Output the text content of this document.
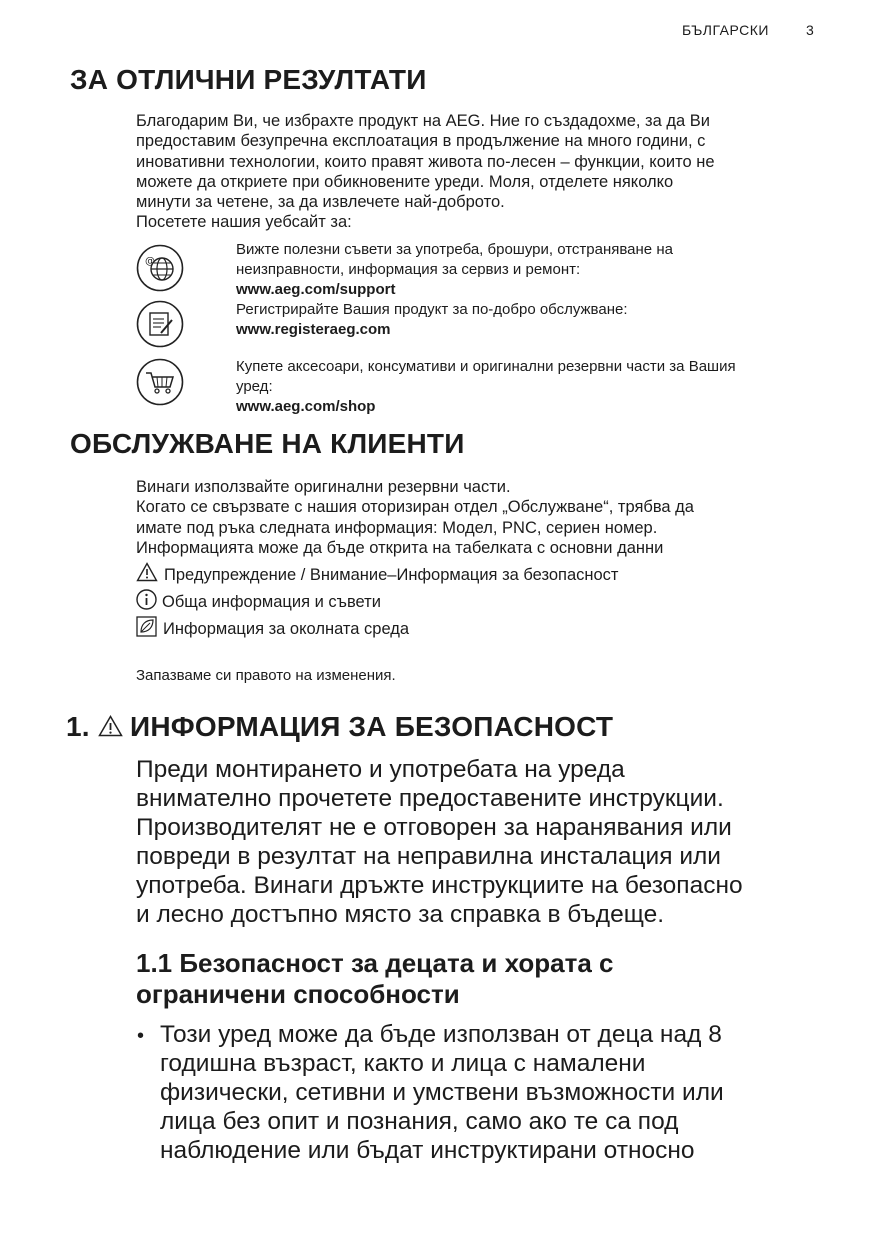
БЪЛГАРСКИ	3
ЗА ОТЛИЧНИ РЕЗУЛТАТИ
Благодарим Ви, че избрахте продукт на AEG. Ние го създадохме, за да Ви
предоставим безупречна експлоатация в продължение на много години, с
иновативни технологии, които правят живота по-лесен – функции, които не
можете да откриете при обикновените уреди. Моля, отделете няколко
минути за четене, за да извлечете най-доброто.
Посетете нашия уебсайт за:
@
Вижте полезни съвети за употреба, брошури, отстраняване на
неизправности, информация за сервиз и ремонт:
www.aeg.com/support
Регистрирайте Вашия продукт за по-добро обслужване:
www.registeraeg.com
Купете аксесоари, консумативи и оригинални резервни части за Вашия
уред:
www.aeg.com/shop
ОБСЛУЖВАНЕ НА КЛИЕНТИ
Винаги използвайте оригинални резервни части.
Когато се свързвате с нашия оторизиран отдел „Обслужване“, трябва да
имате под ръка следната информация: Модел, PNC, сериен номер.
Информацията може да бъде открита на табелката с основни данни
Предупреждение / Внимание–Информация за безопасност
Обща информация и съвети
Информация за околната среда
Запазваме си правото на изменения.
1. ИНФОРМАЦИЯ ЗА БЕЗОПАСНОСТ
Преди монтирането и употребата на уреда
внимателно прочетете предоставените инструкции.
Производителят не е отговорен за наранявания или
повреди в резултат на неправилна инсталация или
употреба. Винаги дръжте инструкциите на безопасно
и лесно достъпно място за справка в бъдеще.
1.1 Безопасност за децата и хората с
ограничени способности
• Този уред може да бъде използван от деца над 8
годишна възраст, както и лица с намалени
физически, сетивни и умствени възможности или
лица без опит и познания, само ако те са под
наблюдение или бъдат инструктирани относно
